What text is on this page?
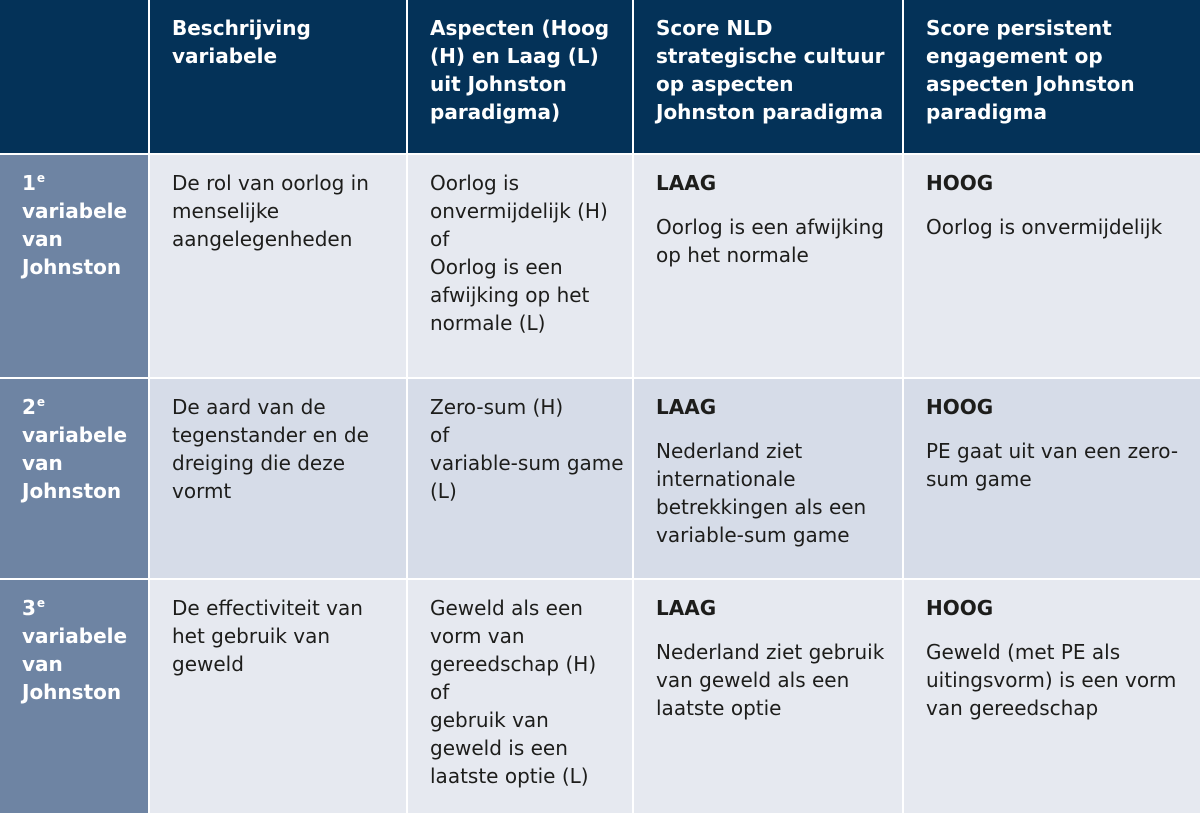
Beschrijving variabele
Aspecten (Hoog (H) en Laag (L) uit Johnston paradigma)
Score NLD strategische cultuur op aspecten Johnston paradigma
Score persistent engagement op aspecten Johnston paradigma
1e variabele van Johnston
De rol van oorlog in menselijke aangelegenheden
Oorlog is onvermijdelijk (H)
of
Oorlog is een afwijking op het normale (L)
LAAG
Oorlog is een afwijking op het normale
HOOG
Oorlog is onvermijdelijk
2e variabele van Johnston
De aard van de tegenstander en de dreiging die deze vormt
Zero-sum (H)
of
variable-sum game (L)
LAAG
Nederland ziet internationale betrekkingen als een variable-sum game
HOOG
PE gaat uit van een zero-sum game
3e variabele van Johnston
De effectiviteit van het gebruik van geweld
Geweld als een vorm van gereedschap (H)
of
gebruik van geweld is een laatste optie (L)
LAAG
Nederland ziet gebruik van geweld als een laatste optie
HOOG
Geweld (met PE als uitingsvorm) is een vorm van gereedschap
